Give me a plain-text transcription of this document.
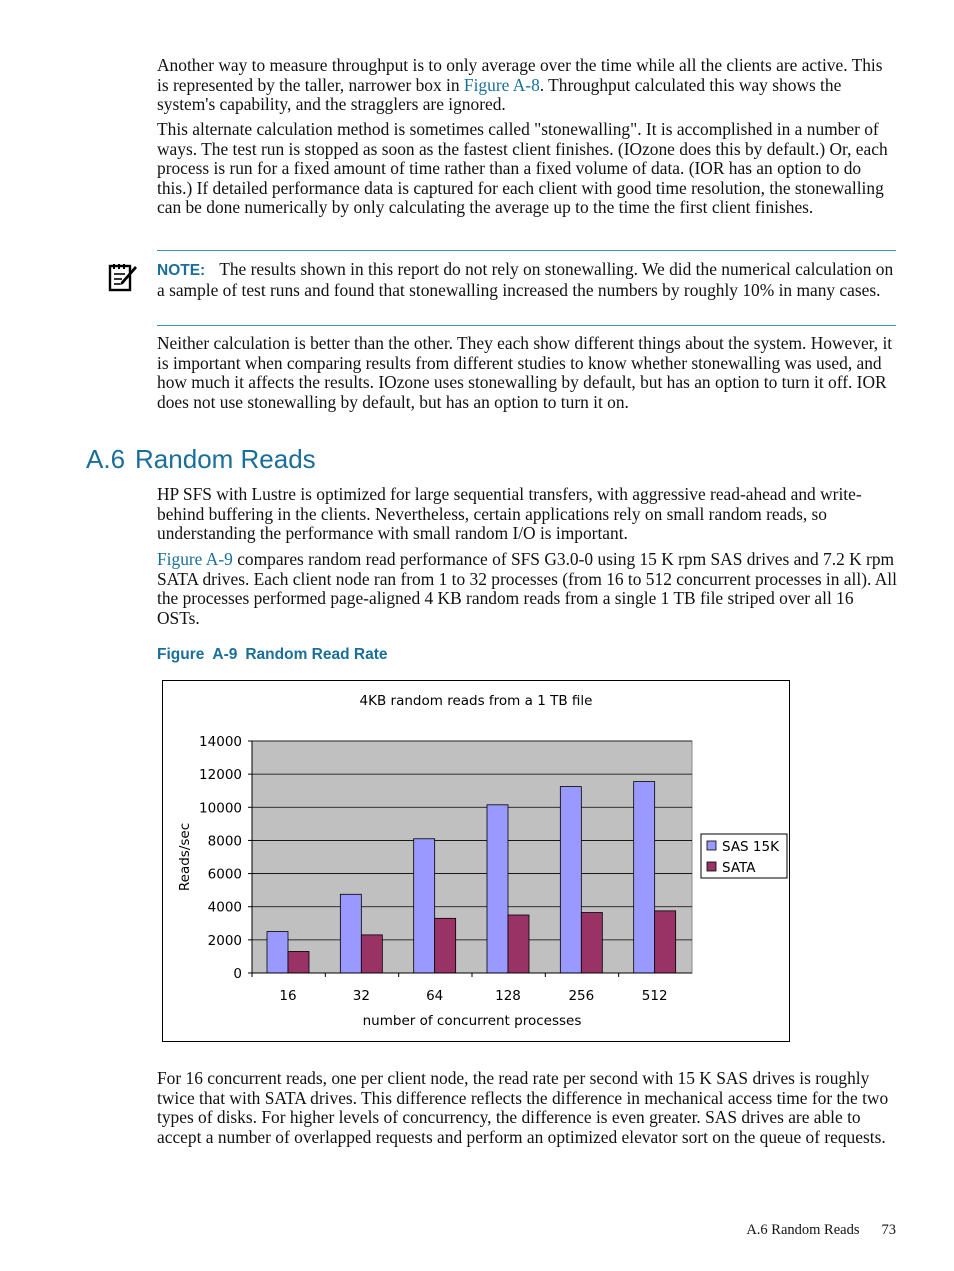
Another way to measure throughput is to only average over the time while all the clients are active. This is represented by the taller, narrower box in Figure A-8. Throughput calculated this way shows the system's capability, and the stragglers are ignored.

This alternate calculation method is sometimes called "stonewalling". It is accomplished in a number of ways. The test run is stopped as soon as the fastest client finishes. (IOzone does this by default.) Or, each process is run for a fixed amount of time rather than a fixed volume of data. (IOR has an option to do this.) If detailed performance data is captured for each client with good time resolution, the stonewalling can be done numerically by only calculating the average up to the time the first client finishes.

NOTE: The results shown in this report do not rely on stonewalling. We did the numerical calculation on a sample of test runs and found that stonewalling increased the numbers by roughly 10% in many cases.

Neither calculation is better than the other. They each show different things about the system. However, it is important when comparing results from different studies to know whether stonewalling was used, and how much it affects the results. IOzone uses stonewalling by default, but has an option to turn it off. IOR does not use stonewalling by default, but has an option to turn it on.

A.6 Random Reads

HP SFS with Lustre is optimized for large sequential transfers, with aggressive read-ahead and write-behind buffering in the clients. Nevertheless, certain applications rely on small random reads, so understanding the performance with small random I/O is important.

Figure A-9 compares random read performance of SFS G3.0-0 using 15 K rpm SAS drives and 7.2 K rpm SATA drives. Each client node ran from 1 to 32 processes (from 16 to 512 concurrent processes in all). All the processes performed page-aligned 4 KB random reads from a single 1 TB file striped over all 16 OSTs.

Figure A-9 Random Read Rate

4KB random reads from a 1 TB file
0
2000
4000
6000
8000
10000
12000
14000
16	32	64	128	256	512
Reads/sec
number of concurrent processes
SAS 15K
SATA

For 16 concurrent reads, one per client node, the read rate per second with 15 K SAS drives is roughly twice that with SATA drives. This difference reflects the difference in mechanical access time for the two types of disks. For higher levels of concurrency, the difference is even greater. SAS drives are able to accept a number of overlapped requests and perform an optimized elevator sort on the queue of requests.

A.6 Random Reads 73
